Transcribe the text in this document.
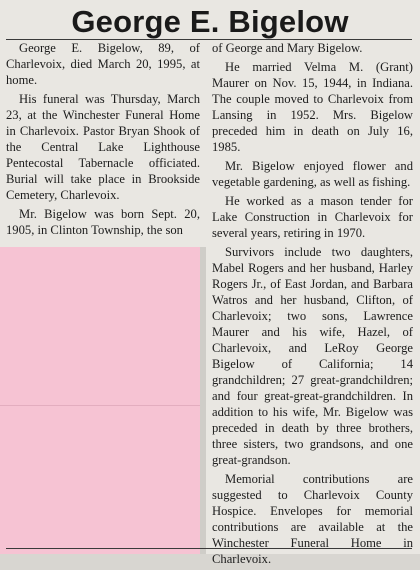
George E. Bigelow

George E. Bigelow, 89, of Charlevoix, died March 20, 1995, at home.

His funeral was Thursday, March 23, at the Winchester Funeral Home in Charlevoix. Pastor Bryan Shook of the Central Lake Lighthouse Pentecostal Tabernacle officiated. Burial will take place in Brookside Cemetery, Charlevoix.

Mr. Bigelow was born Sept. 20, 1905, in Clinton Township, the son

of George and Mary Bigelow.

He married Velma M. (Grant) Maurer on Nov. 15, 1944, in Indiana. The couple moved to Charlevoix from Lansing in 1952. Mrs. Bigelow preceded him in death on July 16, 1985.

Mr. Bigelow enjoyed flower and vegetable gardening, as well as fishing.

He worked as a mason tender for Lake Construction in Charlevoix for several years, retiring in 1970.

Survivors include two daughters, Mabel Rogers and her husband, Harley Rogers Jr., of East Jordan, and Barbara Watros and her husband, Clifton, of Charlevoix; two sons, Lawrence Maurer and his wife, Hazel, of Charlevoix, and LeRoy George Bigelow of California; 14 grandchildren; 27 great-grandchildren; and four great-great-grandchildren. In addition to his wife, Mr. Bigelow was preceded in death by three brothers, three sisters, two grandsons, and one great-grandson.

Memorial contributions are suggested to Charlevoix County Hospice. Envelopes for memorial contributions are available at the Winchester Funeral Home in Charlevoix.
